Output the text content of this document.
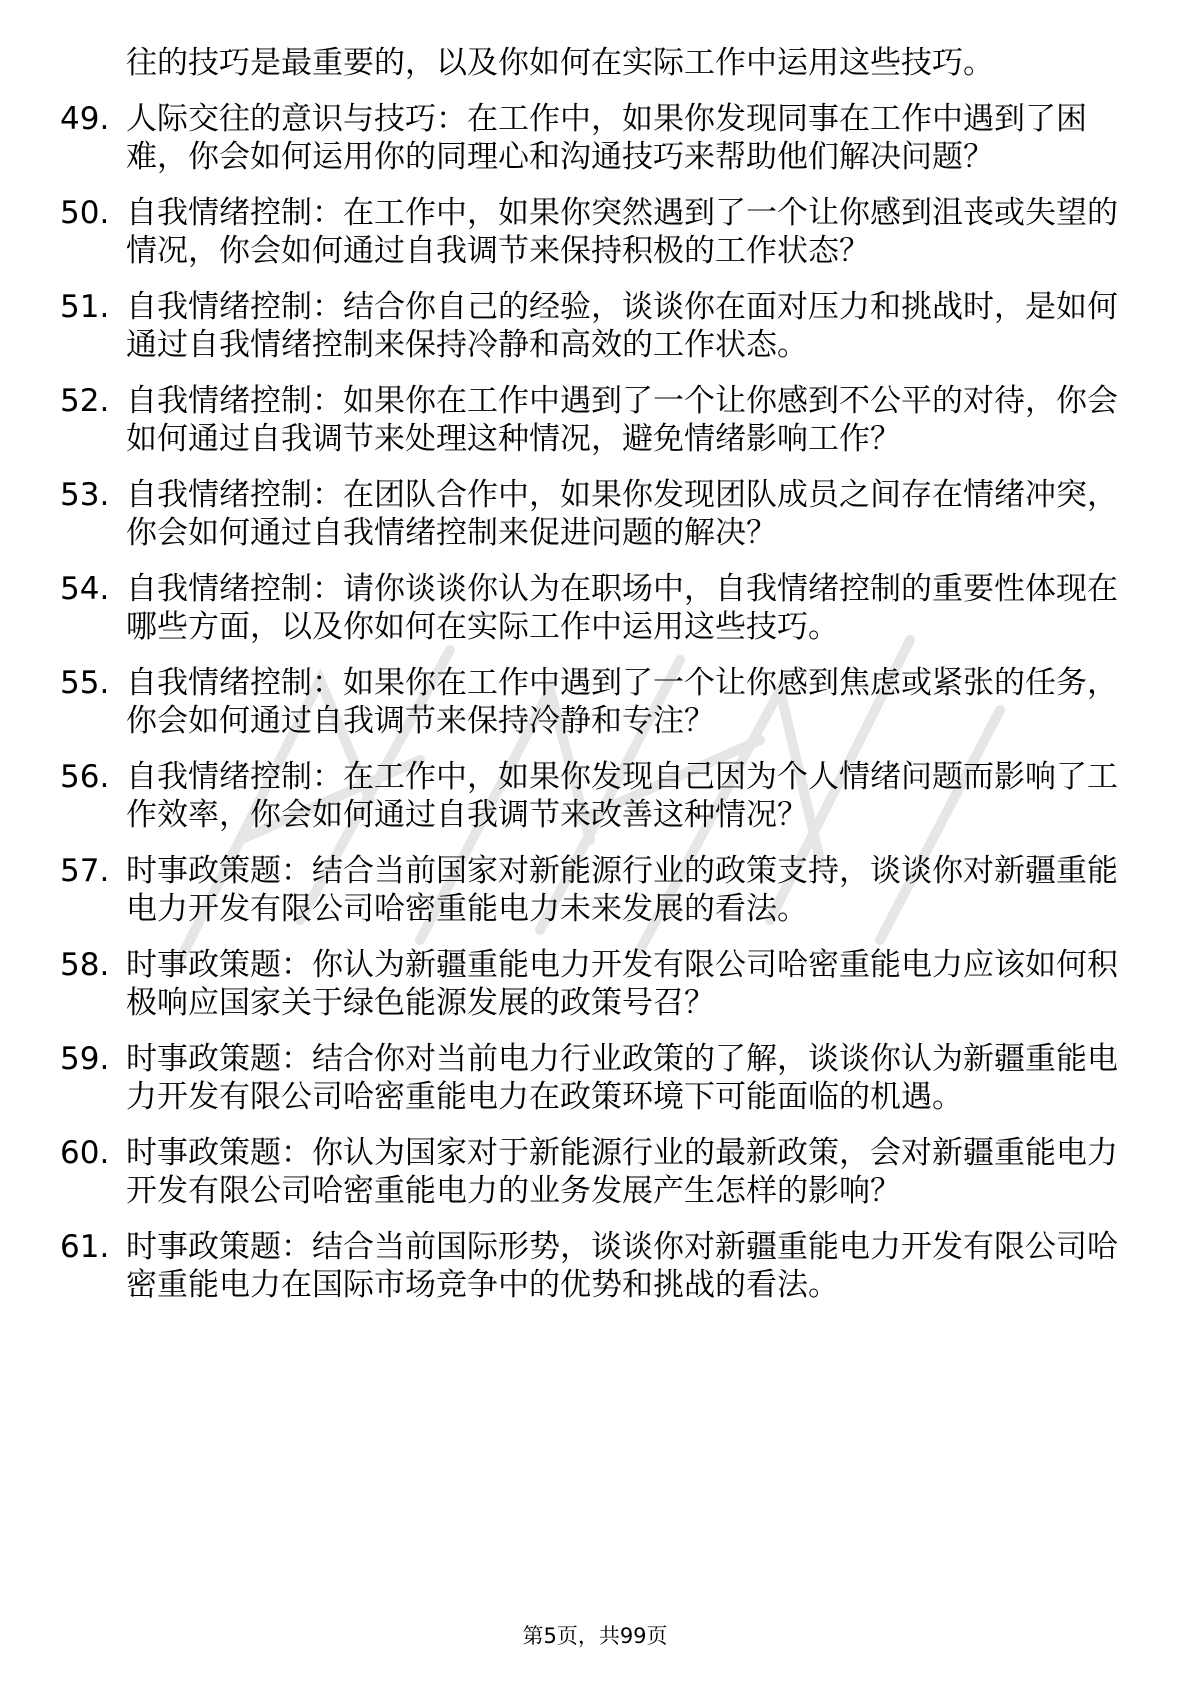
往的技巧是最重要的，以及你如何在实际工作中运用这些技巧。
49. 人际交往的意识与技巧：在工作中，如果你发现同事在工作中遇到了困难，你会如何运用你的同理心和沟通技巧来帮助他们解决问题？
50. 自我情绪控制：在工作中，如果你突然遇到了一个让你感到沮丧或失望的情况，你会如何通过自我调节来保持积极的工作状态？
51. 自我情绪控制：结合你自己的经验，谈谈你在面对压力和挑战时，是如何通过自我情绪控制来保持冷静和高效的工作状态。
52. 自我情绪控制：如果你在工作中遇到了一个让你感到不公平的对待，你会如何通过自我调节来处理这种情况，避免情绪影响工作？
53. 自我情绪控制：在团队合作中，如果你发现团队成员之间存在情绪冲突，你会如何通过自我情绪控制来促进问题的解决？
54. 自我情绪控制：请你谈谈你认为在职场中，自我情绪控制的重要性体现在哪些方面，以及你如何在实际工作中运用这些技巧。
55. 自我情绪控制：如果你在工作中遇到了一个让你感到焦虑或紧张的任务，你会如何通过自我调节来保持冷静和专注？
56. 自我情绪控制：在工作中，如果你发现自己因为个人情绪问题而影响了工作效率，你会如何通过自我调节来改善这种情况？
57. 时事政策题：结合当前国家对新能源行业的政策支持，谈谈你对新疆重能电力开发有限公司哈密重能电力未来发展的看法。
58. 时事政策题：你认为新疆重能电力开发有限公司哈密重能电力应该如何积极响应国家关于绿色能源发展的政策号召？
59. 时事政策题：结合你对当前电力行业政策的了解，谈谈你认为新疆重能电力开发有限公司哈密重能电力在政策环境下可能面临的机遇。
60. 时事政策题：你认为国家对于新能源行业的最新政策，会对新疆重能电力开发有限公司哈密重能电力的业务发展产生怎样的影响？
61. 时事政策题：结合当前国际形势，谈谈你对新疆重能电力开发有限公司哈密重能电力在国际市场竞争中的优势和挑战的看法。
第5页，共99页
